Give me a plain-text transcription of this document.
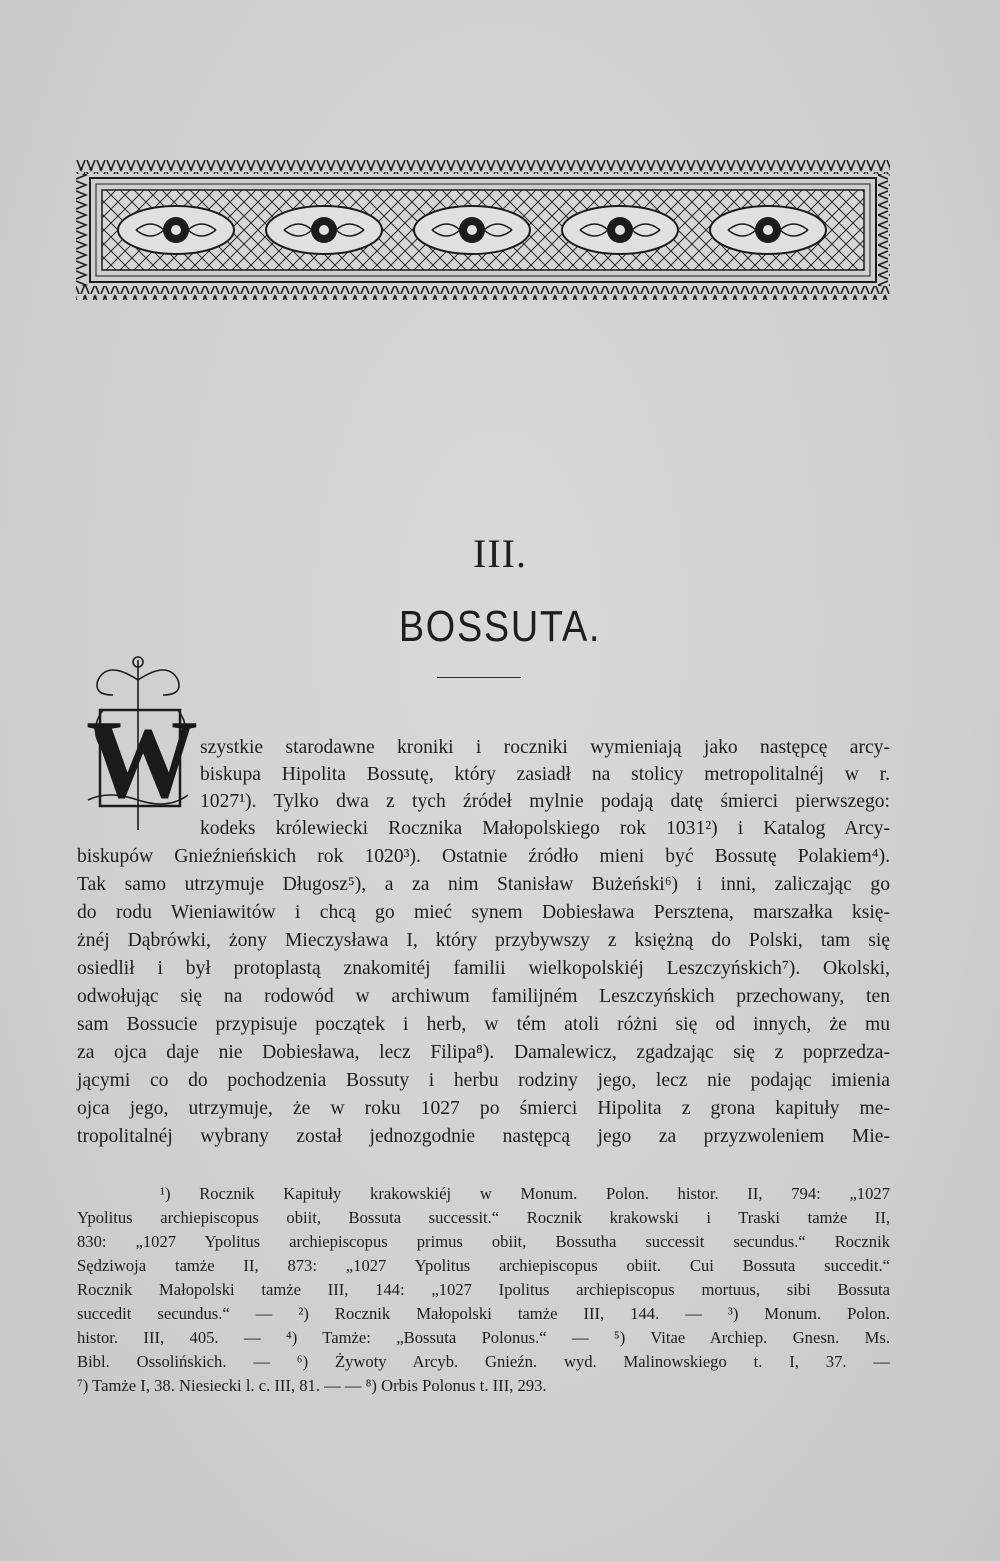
III.
BOSSUTA.
W szystkie starodawne kroniki i roczniki wymieniają jako następcę arcy-
biskupa Hipolita Bossutę, który zasiadł na stolicy metropolitalnéj w r.
1027¹). Tylko dwa z tych źródeł mylnie podają datę śmierci pierwszego:
kodeks królewiecki Rocznika Małopolskiego rok 1031²) i Katalog Arcy-
biskupów Gnieźnieńskich rok 1020³). Ostatnie źródło mieni być Bossutę Polakiem⁴).
Tak samo utrzymuje Długosz⁵), a za nim Stanisław Bużeński⁶) i inni, zaliczając go
do rodu Wieniawitów i chcą go mieć synem Dobiesława Persztena, marszałka księ-
żnéj Dąbrówki, żony Mieczysława I, który przybywszy z księżną do Polski, tam się
osiedlił i był protoplastą znakomitéj familii wielkopolskiéj Leszczyńskich⁷). Okolski,
odwołując się na rodowód w archiwum familijném Leszczyńskich przechowany, ten
sam Bossucie przypisuje początek i herb, w tém atoli różni się od innych, że mu
za ojca daje nie Dobiesława, lecz Filipa⁸). Damalewicz, zgadzając się z poprzedza-
jącymi co do pochodzenia Bossuty i herbu rodziny jego, lecz nie podając imienia
ojca jego, utrzymuje, że w roku 1027 po śmierci Hipolita z grona kapituły me-
tropolitalnéj wybrany został jednozgodnie następcą jego za przyzwoleniem Mie-
¹) Rocznik Kapituły krakowskiéj w Monum. Polon. histor. II, 794: „1027
Ypolitus archiepiscopus obiit, Bossuta successit.“ Rocznik krakowski i Traski tamże II,
830: „1027 Ypolitus archiepiscopus primus obiit, Bossutha successit secundus.“ Rocznik
Sędziwoja tamże II, 873: „1027 Ypolitus archiepiscopus obiit. Cui Bossuta succedit.“
Rocznik Małopolski tamże III, 144: „1027 Ipolitus archiepiscopus mortuus, sibi Bossuta
succedit secundus.“ — ²) Rocznik Małopolski tamże III, 144. — ³) Monum. Polon.
histor. III, 405. — ⁴) Tamże: „Bossuta Polonus.“ — ⁵) Vitae Archiep. Gnesn. Ms.
Bibl. Ossolińskich. — ⁶) Żywoty Arcyb. Gnieźn. wyd. Malinowskiego t. I, 37. —
⁷) Tamże I, 38. Niesiecki l. c. III, 81. — — ⁸) Orbis Polonus t. III, 293.
